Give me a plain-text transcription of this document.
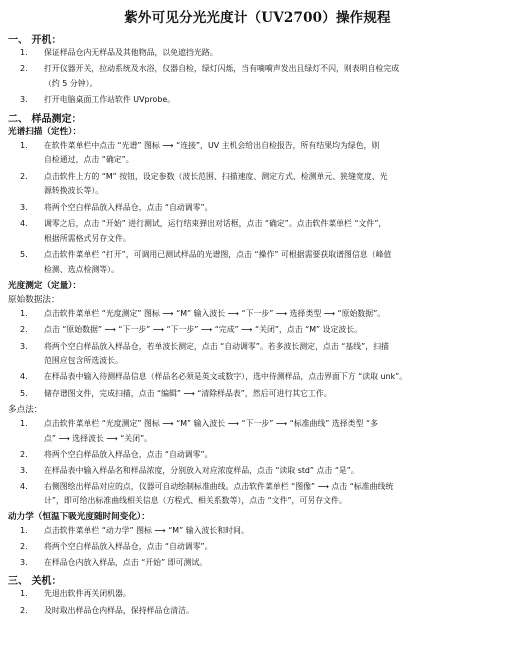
紫外可见分光光度计（UV2700）操作规程
一、 开机：
1. 保证样品仓内无样品及其他物品，以免遮挡光路。
2. 打开仪器开关，拉动系统及水浴，仪器自检，绿灯闪烁，当有嘀嗬声发出且绿灯不闪，则表明自检完成
（约 5 分钟）。
3. 打开电脑桌面工作站软件 UVprobe。
二、 样品测定：
光谱扫描（定性）：
1. 在软件菜单栏中点击 “光谱” 图标 ⟶ “连接”，UV 主机会给出自检报告，所有结果均为绿色，则
自检通过，点击 “确定”。
2. 点击软件上方的 “M” 按钮，设定参数（波长范围、扫描速度、测定方式、检测单元、狭缝宽度、光
源转换波长等）。
3. 将两个空白样品放入样品仓，点击 “自动调零”。
4. 调零之后，点击 “开始” 进行测试，运行结束弹出对话框，点击 “确定”。点击软件菜单栏 “文件”，
根据所需格式另存文件。
5. 点击软件菜单栏 “打开”，可调用已测试样品的光谱图，点击 “操作” 可根据需要获取谱图信息（峰值
检测、选点检测等）。
光度测定（定量）：
原始数据法：
1. 点击软件菜单栏 “光度测定” 图标 ⟶ “M” 输入波长 ⟶ “下一步” ⟶ 选择类型 ⟶ “原始数据”。
2. 点击 “原始数据” ⟶ “下一步” ⟶ “下一步” ⟶ “完成” ⟶ “关闭”，点击 “M” 设定波长。
3. 将两个空白样品放入样品仓，若单波长测定，点击 “自动调零”。若多波长测定，点击 “基线”，扫描
范围应包含所选波长。
4. 在样品表中输入待测样品信息（样品名必须是英文或数字），选中待测样品，点击界面下方 “读取 unk”。
5. 储存谱图文件，完成扫描，点击 “编辑” ⟶ “清除样品表”，然后可进行其它工作。
多点法：
1. 点击软件菜单栏 “光度测定” 图标 ⟶ “M” 输入波长 ⟶ “下一步” ⟶ “标准曲线” 选择类型 “多
点” ⟶ 选择波长 ⟶ “关闭”。
2. 将两个空白样品放入样品仓，点击 “自动调零”。
3. 在样品表中输入样品名和样品浓度，分别放入对应浓度样品，点击 “读取 std” 点击 “是”。
4. 右侧图绘出样品对应的点，仪器可自动绘制标准曲线。点击软件菜单栏 “图像” ⟶ 点击 “标准曲线统
计”，即可给出标准曲线相关信息（方程式、相关系数等），点击 “文件”，可另存文件。
动力学（恒温下吸光度随时间变化）：
1. 点击软件菜单栏 “动力学” 图标 ⟶ “M” 输入波长和时间。
2. 将两个空白样品放入样品仓，点击 “自动调零”。
3. 在样品仓内放入样品，点击 “开始” 即可测试。
三、 关机：
1. 先退出软件再关闭机器。
2. 及时取出样品仓内样品，保持样品仓清洁。
